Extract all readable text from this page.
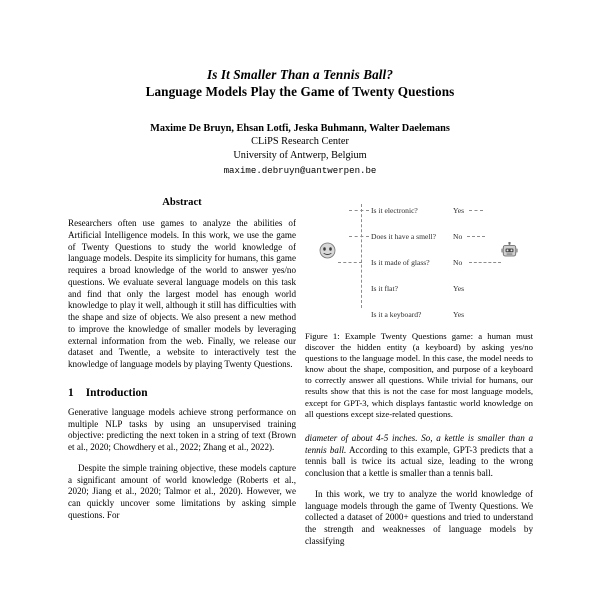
Is It Smaller Than a Tennis Ball?
Language Models Play the Game of Twenty Questions
Maxime De Bruyn, Ehsan Lotfi, Jeska Buhmann, Walter Daelemans
CLiPS Research Center
University of Antwerp, Belgium
maxime.debruyn@uantwerpen.be
Abstract

Researchers often use games to analyze the abilities of Artificial Intelligence models. In this work, we use the game of Twenty Questions to study the world knowledge of language models. Despite its simplicity for humans, this game requires a broad knowledge of the world to answer yes/no questions. We evaluate several language models on this task and find that only the largest model has enough world knowledge to play it well, although it still has difficulties with the shape and size of objects. We also present a new method to improve the knowledge of smaller models by leveraging external information from the web. Finally, we release our dataset and Twentle, a website to interactively test the knowledge of language models by playing Twenty Questions.

1 Introduction

Generative language models achieve strong performance on multiple NLP tasks by using an unsupervised training objective: predicting the next token in a string of text (Brown et al., 2020; Chowdhery et al., 2022; Zhang et al., 2022).

Despite the simple training objective, these models capture a significant amount of world knowledge (Roberts et al., 2020; Jiang et al., 2020; Talmor et al., 2020). However, we can quickly uncover some limitations by asking simple questions. For

Is it electronic?	Yes
Does it have a smell? No
Is it made of glass?	No
Is it flat?	Yes
Is it a keyboard?	Yes

Figure 1: Example Twenty Questions game: a human must discover the hidden entity (a keyboard) by asking yes/no questions to the language model. In this case, the model needs to know about the shape, composition, and purpose of a keyboard to correctly answer all questions. While trivial for humans, our results show that this is not the case for most language models, except for GPT-3, which displays fantastic world knowledge on all questions except size-related questions.

diameter of about 4-5 inches. So, a kettle is smaller than a tennis ball. According to this example, GPT-3 predicts that a tennis ball is twice its actual size, leading to the wrong conclusion that a kettle is smaller than a tennis ball.

In this work, we try to analyze the world knowledge of language models through the game of Twenty Questions. We collected a dataset of 2000+ questions and tried to understand the strength and weaknesses of language models by classifying
